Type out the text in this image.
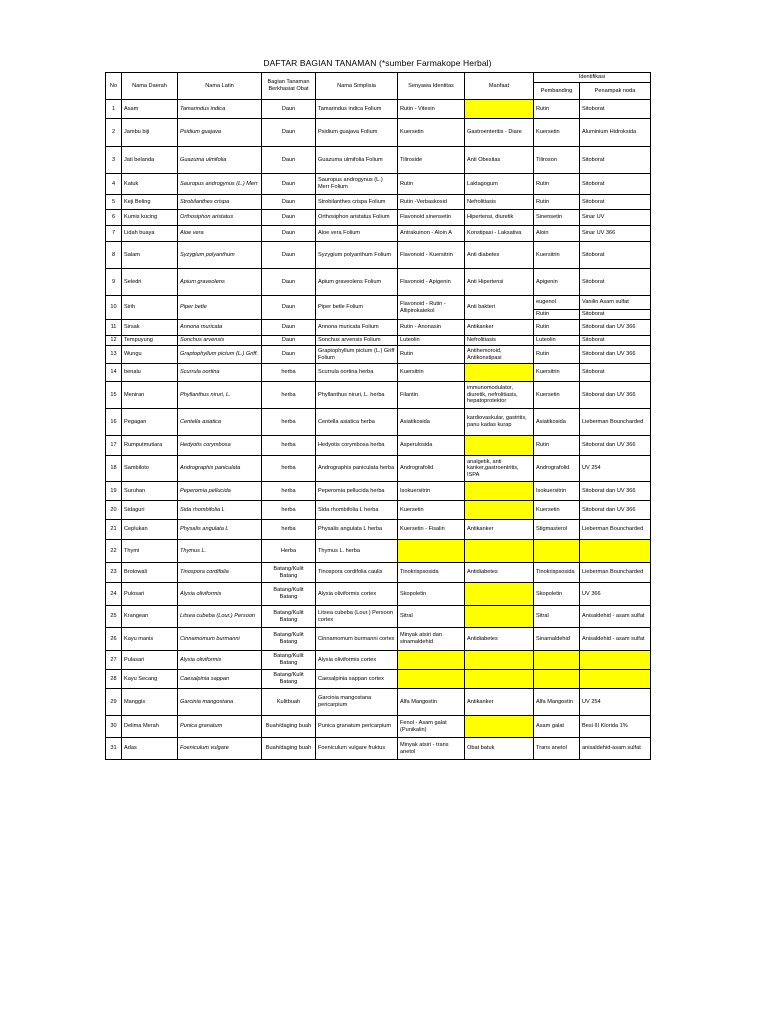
DAFTAR BAGIAN TANAMAN (*sumber Farmakope Herbal)
No	Nama Daerah	Nama Latin	Bagian Tanaman Berkhasiat Obat	Nama Simplisia	Senyawa Identitas	Manfaat	Identifikasi	
							Pembanding	Penampak noda
1	Asam	Tamarindus indica	Daun	Tamarindus indica Folium	Rutin - Vitexin		Rutin	Sitoborat
2	Jambu biji	Psidium guajava	Daun	Psidium guajava Folium	Kuersetin	Gastroenteritis - Diare	Kuersetin	Aluminium Hidroksida
3	Jati belanda	Guazuma ulmifolia	Daun	Guazuma ulmifolia Folium	Tiliroside	Anti Obesitas	Tiliroson	Sitoborat
4	Katuk	Sauropus androgynus (L.) Merr	Daun	Sauropus androgynus (L.) Merr Folium	Rutin	Laktagogum	Rutin	Sitoborat
5	Keji Beling	Strobilanthes crispa	Daun	Strobilanthes crispa Folium	Rutin -Verbaskosid	Nefrolitiasis	Rutin	Sitoborat
6	Kumis kucing	Orthosiphon aristatus	Daun	Orthosiphon aristatus Folium	Flavonoid sinensetin	Hipertensi, diuretik	Sinensetin	Sinar UV
7	Lidah buaya	Aloe vera	Daun	Aloe vera Folium	Antrakuinon - Aloin A	Konstipasi - Laksativa	Aloin	Sinar UV 366
8	Salam	Syzygium polyanthum	Daun	Syzygium polyanthum Folium	Flavonoid - Kuersitrin	Anti diabetes	Kuersitrin	Sitoborat
9	Seledri	Apium graveolens	Daun	Apium graveolens Folium	Flavonoid - Apigenin	Anti Hipertensi	Apigenin	Sitoborat
10	Sirih	Piper betle	Daun	Piper betle Folium	Flavonoid - Rutin - Allipirokatekol	Anti bakteri	eugenol	Vanilin Asam sulfat
							Rutin	Sitoborat
11	Sirsak	Annona muricata	Daun	Annona muricata Folium	Rutin - Anonasin	Antikanker	Rutin	Sitoborat dan UV 366
12	Tempuyung	Sonchus arvensis	Daun	Sonchus arvensis Folium	Luteolin	Nefrolitiasis	Luteolin	Sitoborat
13	Wungu	Graptophyllum pictum (L.) Griff.	Daun	Graptophyllum pictum (L.) Griff Folium	Rutin	Antihemoroid, Antikonstipasi	Rutin	Sitoborat dan UV 366
14	benalu	Scurrula oortina	herba	Scurrula oortina herba	Kuersitrin		Kuersitrin	Sitoborat
15	Meniran	Phyllanthus niruri, L.	herba	Phyllanthus niruri, L. herba	Filantin	immunomodulator, diuretik, nefrolitiasis, hepatoprotektor	Kuersetin	Sitoborat dan UV 366
16	Pegagan	Centella asiatica	herba	Centella asiatica herba	Asiatikosida	kardiovaskular, gastritis, panu kadas kurap	Asiatikosida	Lieberman Bouncharded
17	Rumputmutiara	Hedyotis corymbosa	herba	Hedyotis corymbosa herba	Asperulosida		Rutin	Sitoborat dan UV 366
18	Sambiloto	Andrographis paniculata	herba	Andrographis paniculata herba	Andrografolid	analgetik, anti kanker,gastroentritis, ISPA	Andrografolid	UV 254
19	Suruhan	Peperomia pellucida	herba	Peperomia pellucida herba	Isokuersitrin		Isokuersitrin	Sitoborat dan UV 366
20	Sidaguri	Sida rhombifolia L	herba	Sida rhombifolia L herba	Kuersetin		Kuersetin	Sitoborat dan UV 366
21	Ceplukan	Physalis angulata L	herba	Physalis angulata L herba	Kuersetin - Fisalin	Antikanker	Stigmasterol	Lieberman Bouncharded
22	Thymi	Thymus L.	Herba	Thymus L. herba				
23	Brotowali	Tinospora cordifolia	Batang/Kulit Batang	Tinospora cordifolia caulis	Tinokrispsosida	Antidiabetes	Tinokrispsosida	Lieberman Bouncharded
24	Pulosari	Alyxia oliviformis	Batang/Kulit Batang	Alyxia oliviformis cortex	Skopoletin		Skopoletin	UV 366
25	Krangean	Litsea cubeba (Lour.) Persoon	Batang/Kulit Batang	Litsea cubeba (Lour.) Persoon cortex	Sitral		Sitral	Anisaldehid - asam sulfat
26	Kayu manis	Cinnamomum burmanni	Batang/Kulit Batang	Cinnamomum burmanni cortex	Minyak atsiri dan sinamaldehid	Antidiabetes	Sinamaldehid	Anisaldehid - asam sulfat
27	Pulasari	Alyxia oliviformis	Batang/Kulit Batang	Alyxia oliviformis cortex				
28	Kayu Secang	Caesalpinia sappan	Batang/Kulit Batang	Caesalpinia sappan cortex				
29	Manggis	Garcinia mangostana	Kulitbuah	Garcinia mangostana pericarpium	Alfa Mangostin	Antikanker	Alfa Mangostin	UV 254
30	Delima Merah	Punica granatum	Buah/daging buah	Punica granatum pericarpium	Fenol - Asam galat (Punikalin)		Asam galat	Besi III Klorida 1%
31	Adas	Foeniculum vulgare	Buah/daging buah	Foeniculum vulgare fruktus	Minyak atsiri - trans anetol	Obat batuk	Trans anetol	anisaldehid-asam sulfat
